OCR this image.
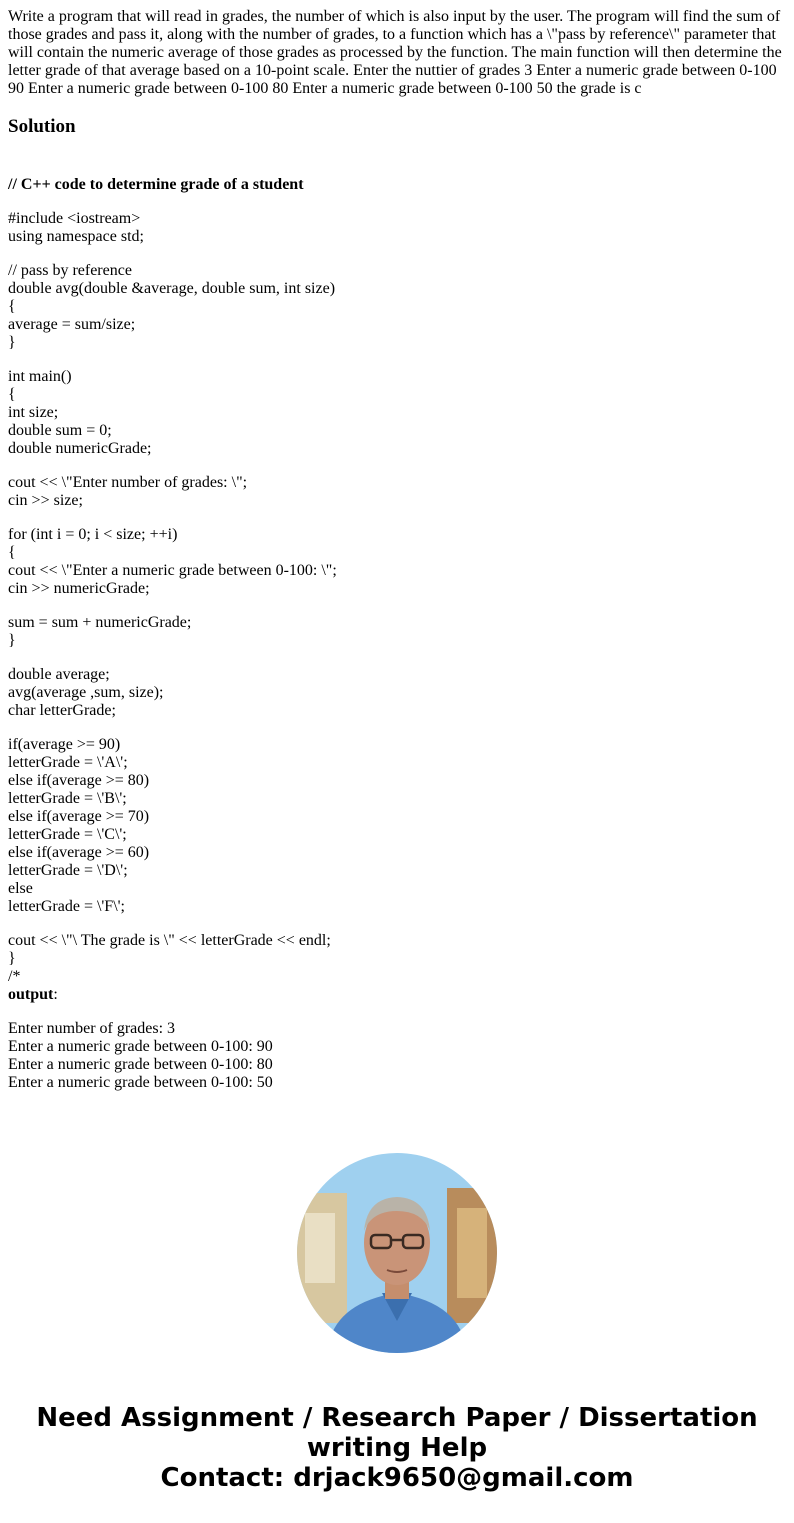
Write a program that will read in grades, the number of which is also input by the user. The program will find the sum of those grades and pass it, along with the number of grades, to a function which has a \"pass by reference\" parameter that will contain the numeric average of those grades as processed by the function. The main function will then determine the letter grade of that average based on a 10-point scale. Enter the nuttier of grades 3 Enter a numeric grade between 0-100 90 Enter a numeric grade between 0-100 80 Enter a numeric grade between 0-100 50 the grade is c

Solution
// C++ code to determine grade of a student
#include <iostream>
using namespace std;
// pass by reference
double avg(double &average, double sum, int size)
{
average = sum/size;
}
int main()
{
int size;
double sum = 0;
double numericGrade;
cout << \"Enter number of grades: \";
cin >> size;
for (int i = 0; i < size; ++i)
{
cout << \"Enter a numeric grade between 0-100: \";
cin >> numericGrade;
sum = sum + numericGrade;
}
double average;
avg(average ,sum, size);
char letterGrade;
if(average >= 90)
letterGrade = \'A\';
else if(average >= 80)
letterGrade = \'B\';
else if(average >= 70)
letterGrade = \'C\';
else if(average >= 60)
letterGrade = \'D\';
else
letterGrade = \'F\';
cout << \"\ The grade is \" << letterGrade << endl;
}
/*
output:
Enter number of grades: 3
Enter a numeric grade between 0-100: 90
Enter a numeric grade between 0-100: 80
Enter a numeric grade between 0-100: 50
Need Assignment / Research Paper / Dissertation
writing Help
Contact: drjack9650@gmail.com
